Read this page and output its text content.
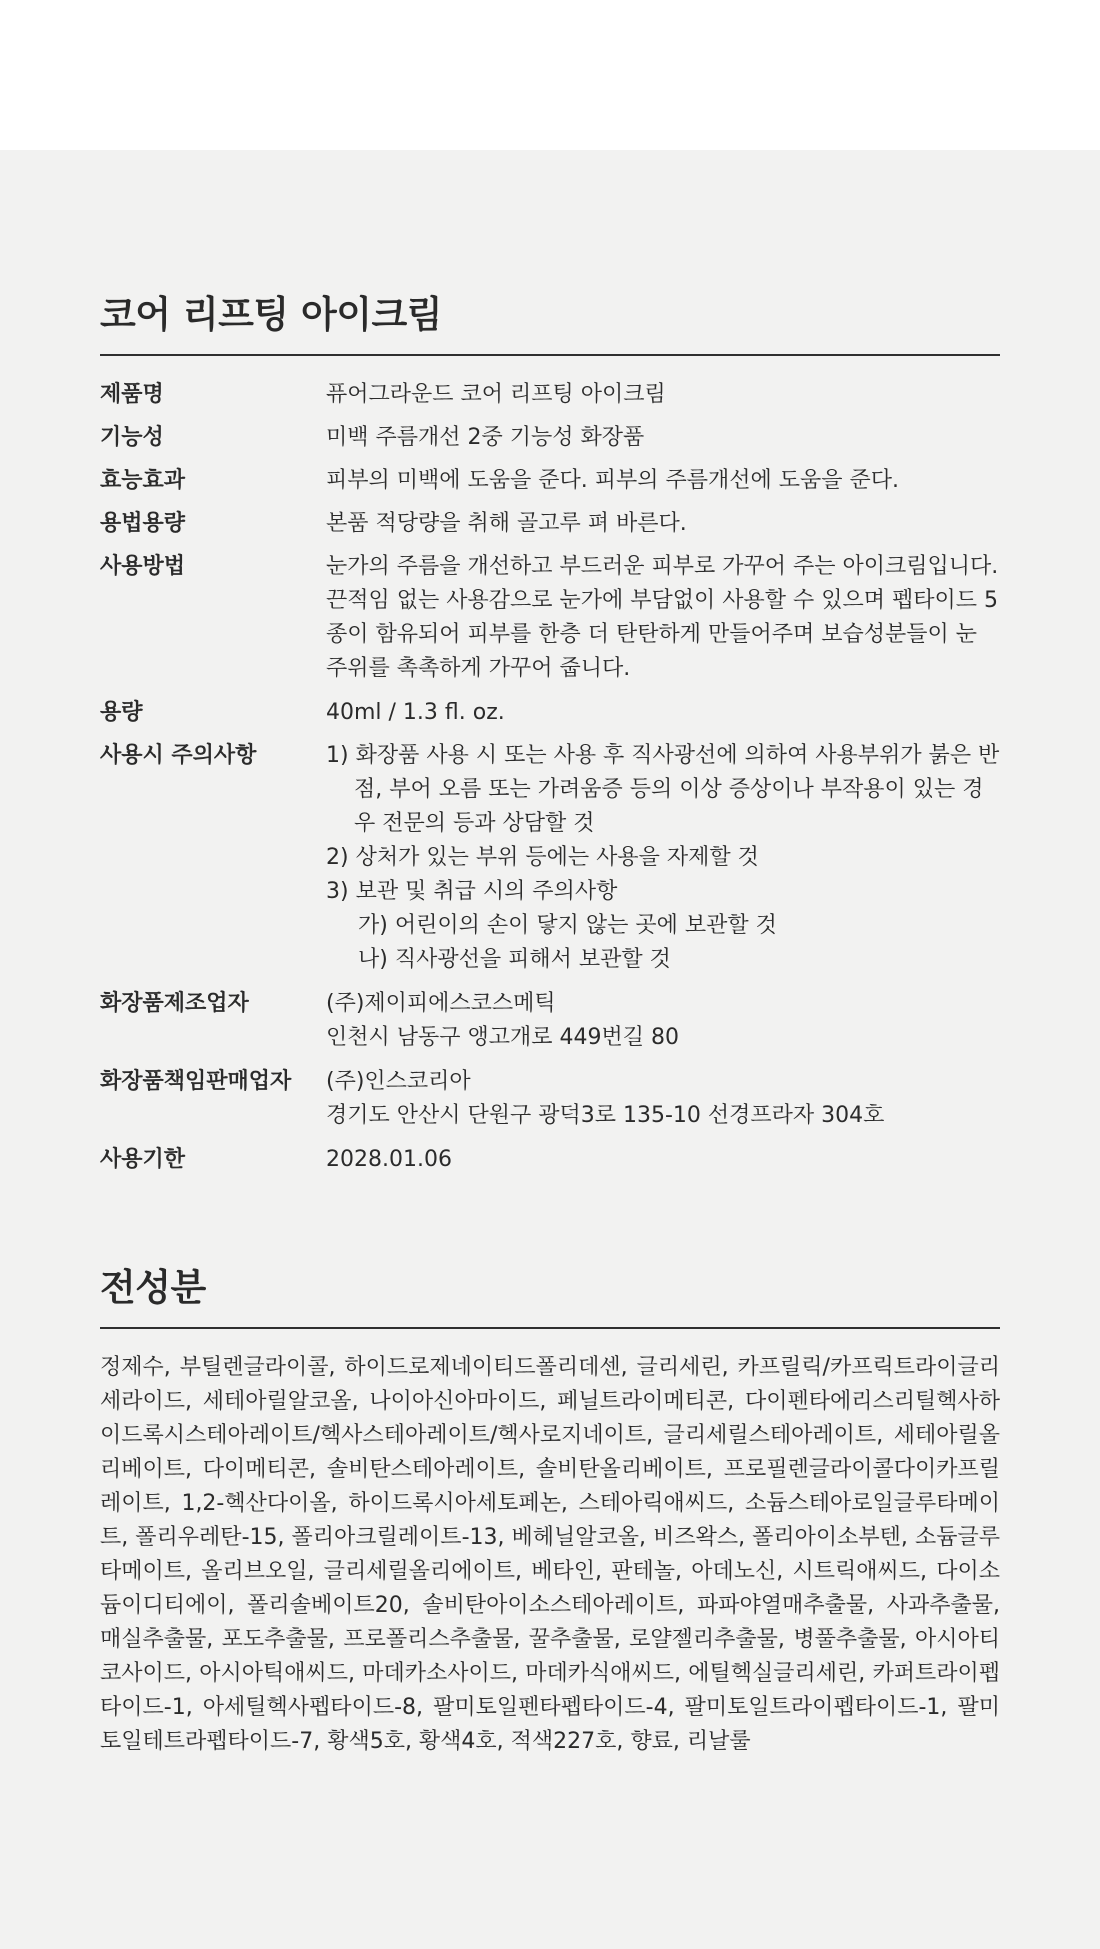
코어 리프팅 아이크림
제품명	퓨어그라운드 코어 리프팅 아이크림
기능성	미백 주름개선 2중 기능성 화장품
효능효과	피부의 미백에 도움을 준다. 피부의 주름개선에 도움을 준다.
용법용량	본품 적당량을 취해 골고루 펴 바른다.
사용방법	눈가의 주름을 개선하고 부드러운 피부로 가꾸어 주는 아이크림입니다. 끈적임 없는 사용감으로 눈가에 부담없이 사용할 수 있으며 펩타이드 5종이 함유되어 피부를 한층 더 탄탄하게 만들어주며 보습성분들이 눈 주위를 촉촉하게 가꾸어 줍니다.
용량	40ml / 1.3 fl. oz.
사용시 주의사항	1) 화장품 사용 시 또는 사용 후 직사광선에 의하여 사용부위가 붉은 반점, 부어 오름 또는 가려움증 등의 이상 증상이나 부작용이 있는 경우 전문의 등과 상담할 것
2) 상처가 있는 부위 등에는 사용을 자제할 것
3) 보관 및 취급 시의 주의사항
가) 어린이의 손이 닿지 않는 곳에 보관할 것
나) 직사광선을 피해서 보관할 것
화장품제조업자	(주)제이피에스코스메틱
인천시 남동구 앵고개로 449번길 80
화장품책임판매업자	(주)인스코리아
경기도 안산시 단원구 광덕3로 135-10 선경프라자 304호
사용기한	2028.01.06
전성분

정제수, 부틸렌글라이콜, 하이드로제네이티드폴리데센, 글리세린, 카프릴릭/카프릭트라이글리세라이드, 세테아릴알코올, 나이아신아마이드, 페닐트라이메티콘, 다이펜타에리스리틸헥사하이드록시스테아레이트/헥사스테아레이트/헥사로지네이트, 글리세릴스테아레이트, 세테아릴올리베이트, 다이메티콘, 솔비탄스테아레이트, 솔비탄올리베이트, 프로필렌글라이콜다이카프릴레이트, 1,2-헥산다이올, 하이드록시아세토페논, 스테아릭애씨드, 소듐스테아로일글루타메이트, 폴리우레탄-15, 폴리아크릴레이트-13, 베헤닐알코올, 비즈왁스, 폴리아이소부텐, 소듐글루타메이트, 올리브오일, 글리세릴올리에이트, 베타인, 판테놀, 아데노신, 시트릭애씨드, 다이소듐이디티에이, 폴리솔베이트20, 솔비탄아이소스테아레이트, 파파야열매추출물, 사과추출물, 매실추출물, 포도추출물, 프로폴리스추출물, 꿀추출물, 로얄젤리추출물, 병풀추출물, 아시아티코사이드, 아시아틱애씨드, 마데카소사이드, 마데카식애씨드, 에틸헥실글리세린, 카퍼트라이펩타이드-1, 아세틸헥사펩타이드-8, 팔미토일펜타펩타이드-4, 팔미토일트라이펩타이드-1, 팔미토일테트라펩타이드-7, 황색5호, 황색4호, 적색227호, 향료, 리날룰
